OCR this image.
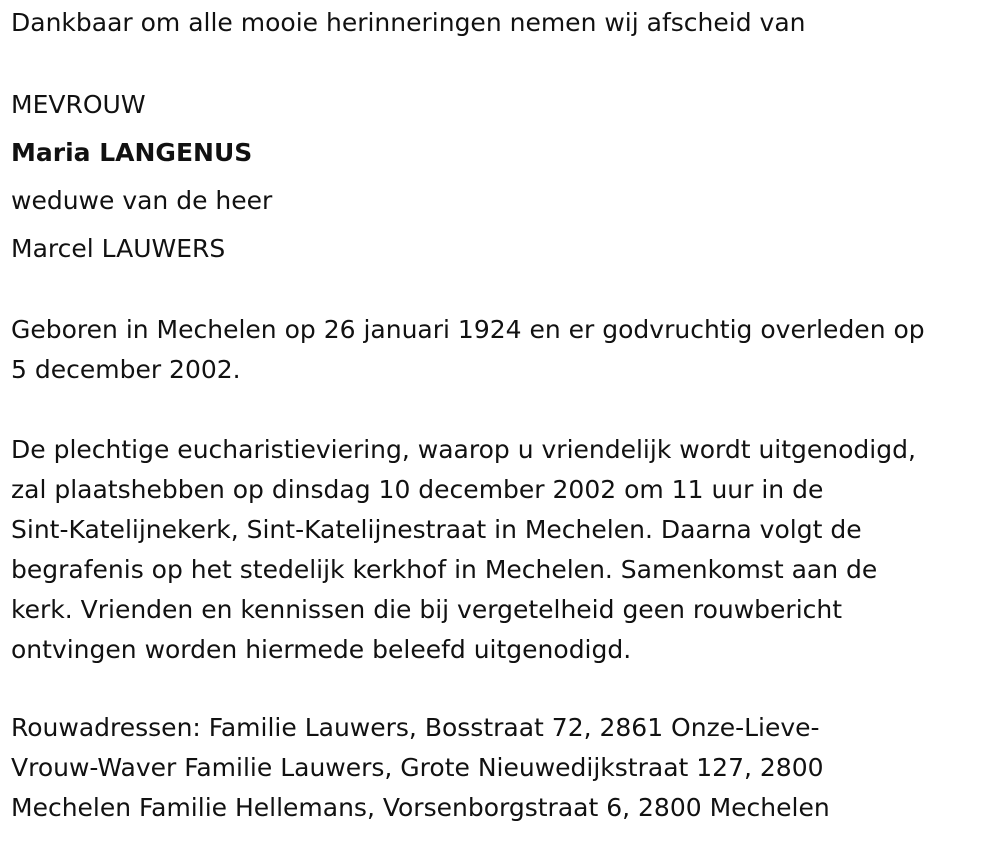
Dankbaar om alle mooie herinneringen nemen wij afscheid van
MEVROUW
Maria LANGENUS
weduwe van de heer
Marcel LAUWERS
Geboren in Mechelen op 26 januari 1924 en er godvruchtig overleden op
5 december 2002.
De plechtige eucharistieviering, waarop u vriendelijk wordt uitgenodigd,
zal plaatshebben op dinsdag 10 december 2002 om 11 uur in de
Sint-Katelijnekerk, Sint-Katelijnestraat in Mechelen. Daarna volgt de
begrafenis op het stedelijk kerkhof in Mechelen. Samenkomst aan de
kerk. Vrienden en kennissen die bij vergetelheid geen rouwbericht
ontvingen worden hiermede beleefd uitgenodigd.
Rouwadressen: Familie Lauwers, Bosstraat 72, 2861 Onze-Lieve-
Vrouw-Waver Familie Lauwers, Grote Nieuwedijkstraat 127, 2800
Mechelen Familie Hellemans, Vorsenborgstraat 6, 2800 Mechelen
